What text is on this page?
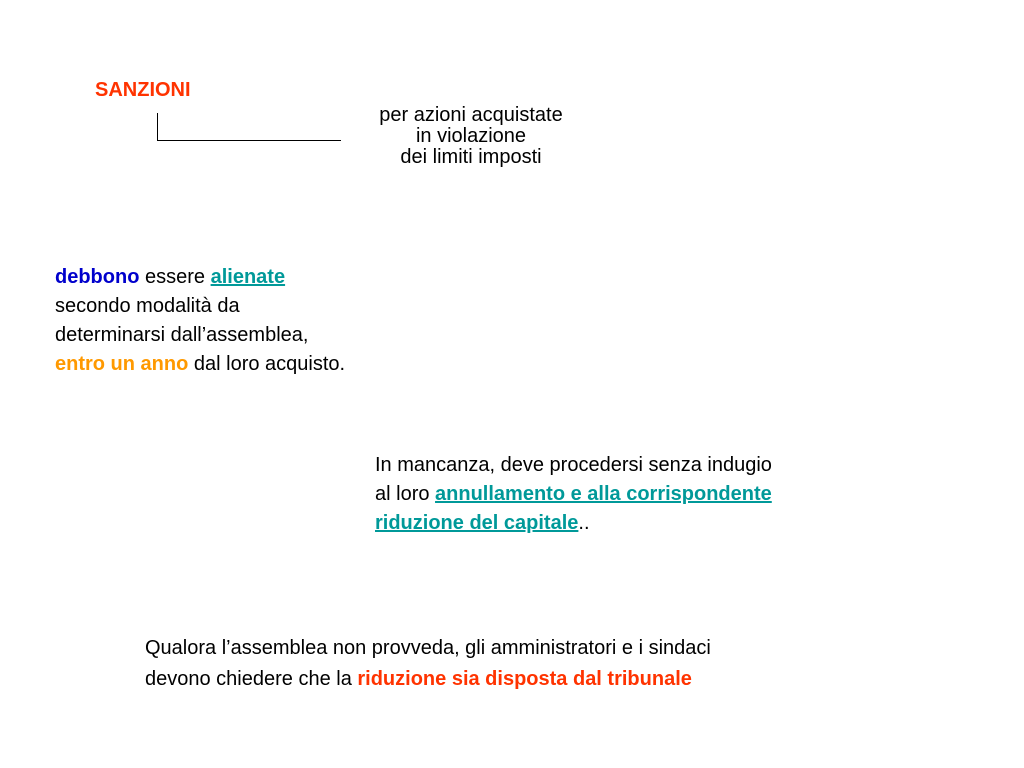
SANZIONI
per azioni acquistate
in violazione
dei limiti imposti
debbono essere alienate
secondo modalità da
determinarsi dall’assemblea,
entro un anno dal loro acquisto.
In mancanza, deve procedersi senza indugio
al loro annullamento e alla corrispondente
riduzione del capitale..
Qualora l’assemblea non provveda, gli amministratori e i sindaci
devono chiedere che la riduzione sia disposta dal tribunale
